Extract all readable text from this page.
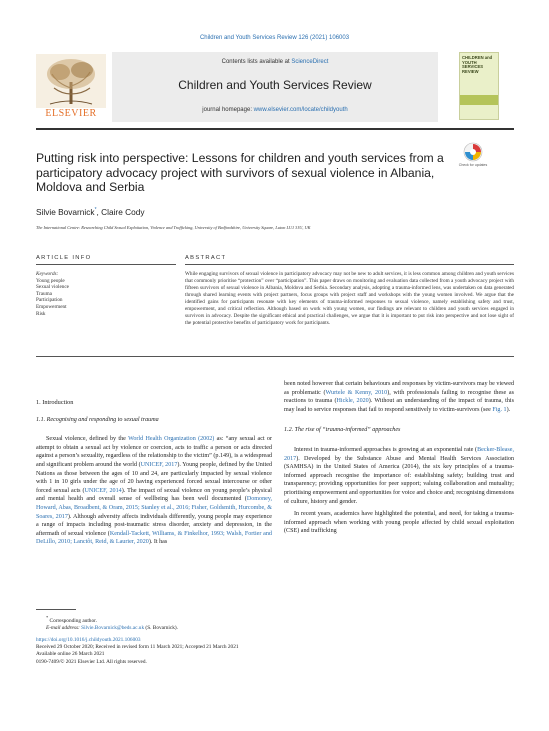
Children and Youth Services Review 126 (2021) 106003
Contents lists available at ScienceDirect
Children and Youth Services Review
journal homepage: www.elsevier.com/locate/childyouth
ELSEVIER
CHILDREN and YOUTH SERVICES REVIEW
Putting risk into perspective: Lessons for children and youth services from a participatory advocacy project with survivors of sexual violence in Albania, Moldova and Serbia
Check for updates
Silvie Bovarnick*, Claire Cody
The International Centre: Researching Child Sexual Exploitation, Violence and Trafficking, University of Bedfordshire, University Square, Luton LU1 3JU, UK
ARTICLE INFO	ABSTRACT
Keywords:
Young people
Sexual violence
Trauma
Participation
Empowerment
Risk
While engaging survivors of sexual violence in participatory advocacy may not be new to adult services, it is less common among children and youth services that commonly prioritise “protection” over “participation”. This paper draws on monitoring and evaluation data collected from a youth advocacy project with fifteen survivors of sexual violence in Albania, Moldova and Serbia. Secondary analysis, adopting a trauma-informed lens, was undertaken on data generated through shared learning events with project partners, focus groups with project staff and workshops with the young women involved. We argue that the identified gains for participants resonate with key elements of trauma-informed responses to sexual violence, namely establishing safety and trust, empowerment, and critical reflection. Although based on work with young women, our findings are relevant to children and youth services engaged in survivors in advocacy. Despite the significant ethical and practical challenges, we argue that it is important to put risk into perspective and not lose sight of the potential protective benefits of participatory work for participants.
1. Introduction
1.1. Recognising and responding to sexual trauma
Sexual violence, defined by the World Health Organization (2002) as: “any sexual act or attempt to obtain a sexual act by violence or coercion, acts to traffic a person or acts directed against a person’s sexuality, regardless of the relationship to the victim” (p.149), is a widespread and significant problem around the world (UNICEF, 2017). Young people, defined by the United Nations as those between the ages of 10 and 24, are particularly impacted by sexual violence with 1 in 10 girls under the age of 20 having experienced forced sexual intercourse or other forced sexual acts (UNICEF, 2014). The impact of sexual violence on young people’s physical and mental health and overall sense of wellbeing has been well documented (Domoney, Howard, Abas, Broadbent, & Oram, 2015; Stanley et al., 2016; Fisher, Goldsmith, Hurcombe, & Soares, 2017). Although adversity affects individuals differently, young people may experience a range of impacts including post-traumatic stress disorder, anxiety and depression, in the aftermath of sexual violence (Kendall-Tackett, Williams, & Finkelhor, 1993; Walsh, Fortier and DeLillo, 2010; Lanctôt, Reid, & Laurier, 2020). It has
been noted however that certain behaviours and responses by victim-survivors may be viewed as problematic (Wurtele & Kenny, 2010), with professionals failing to recognise these as reactions to trauma (Hickle, 2020). Without an understanding of the impact of trauma, this may lead to service responses that fail to respond sensitively to victim-survivors (see Fig. 1).
1.2. The rise of “trauma-informed” approaches
Interest in trauma-informed approaches is growing at an exponential rate (Becker-Blease, 2017). Developed by the Substance Abuse and Mental Health Services Association (SAMHSA) in the United States of America (2014), the six key principles of a trauma-informed approach recognise the importance of: establishing safety; building trust and transparency; providing opportunities for peer support; valuing collaboration and mutuality; prioritising empowerment and opportunities for voice and choice and; recognising dimensions of culture, history and gender.
In recent years, academics have highlighted the potential, and need, for taking a trauma-informed approach when working with young people affected by child sexual exploitation (CSE) and trafficking
* Corresponding author.
E-mail address: Silvie.Bovarnick@beds.ac.uk (S. Bovarnick).
https://doi.org/10.1016/j.childyouth.2021.106003
Received 29 October 2020; Received in revised form 11 March 2021; Accepted 21 March 2021
Available online 26 March 2021
0190-7409/© 2021 Elsevier Ltd. All rights reserved.
